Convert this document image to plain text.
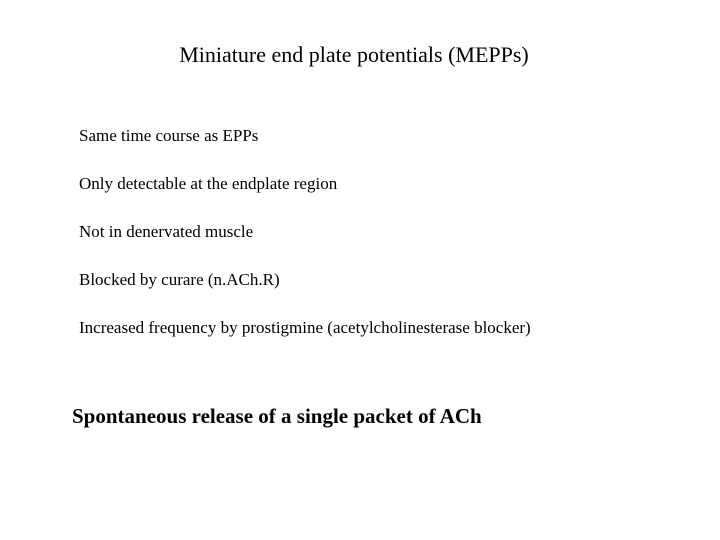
Miniature end plate potentials (MEPPs)
Same time course as EPPs
Only detectable at the endplate region
Not in denervated muscle
Blocked by curare (n.ACh.R)
Increased frequency by prostigmine (acetylcholinesterase blocker)
Spontaneous release of a single packet of ACh
